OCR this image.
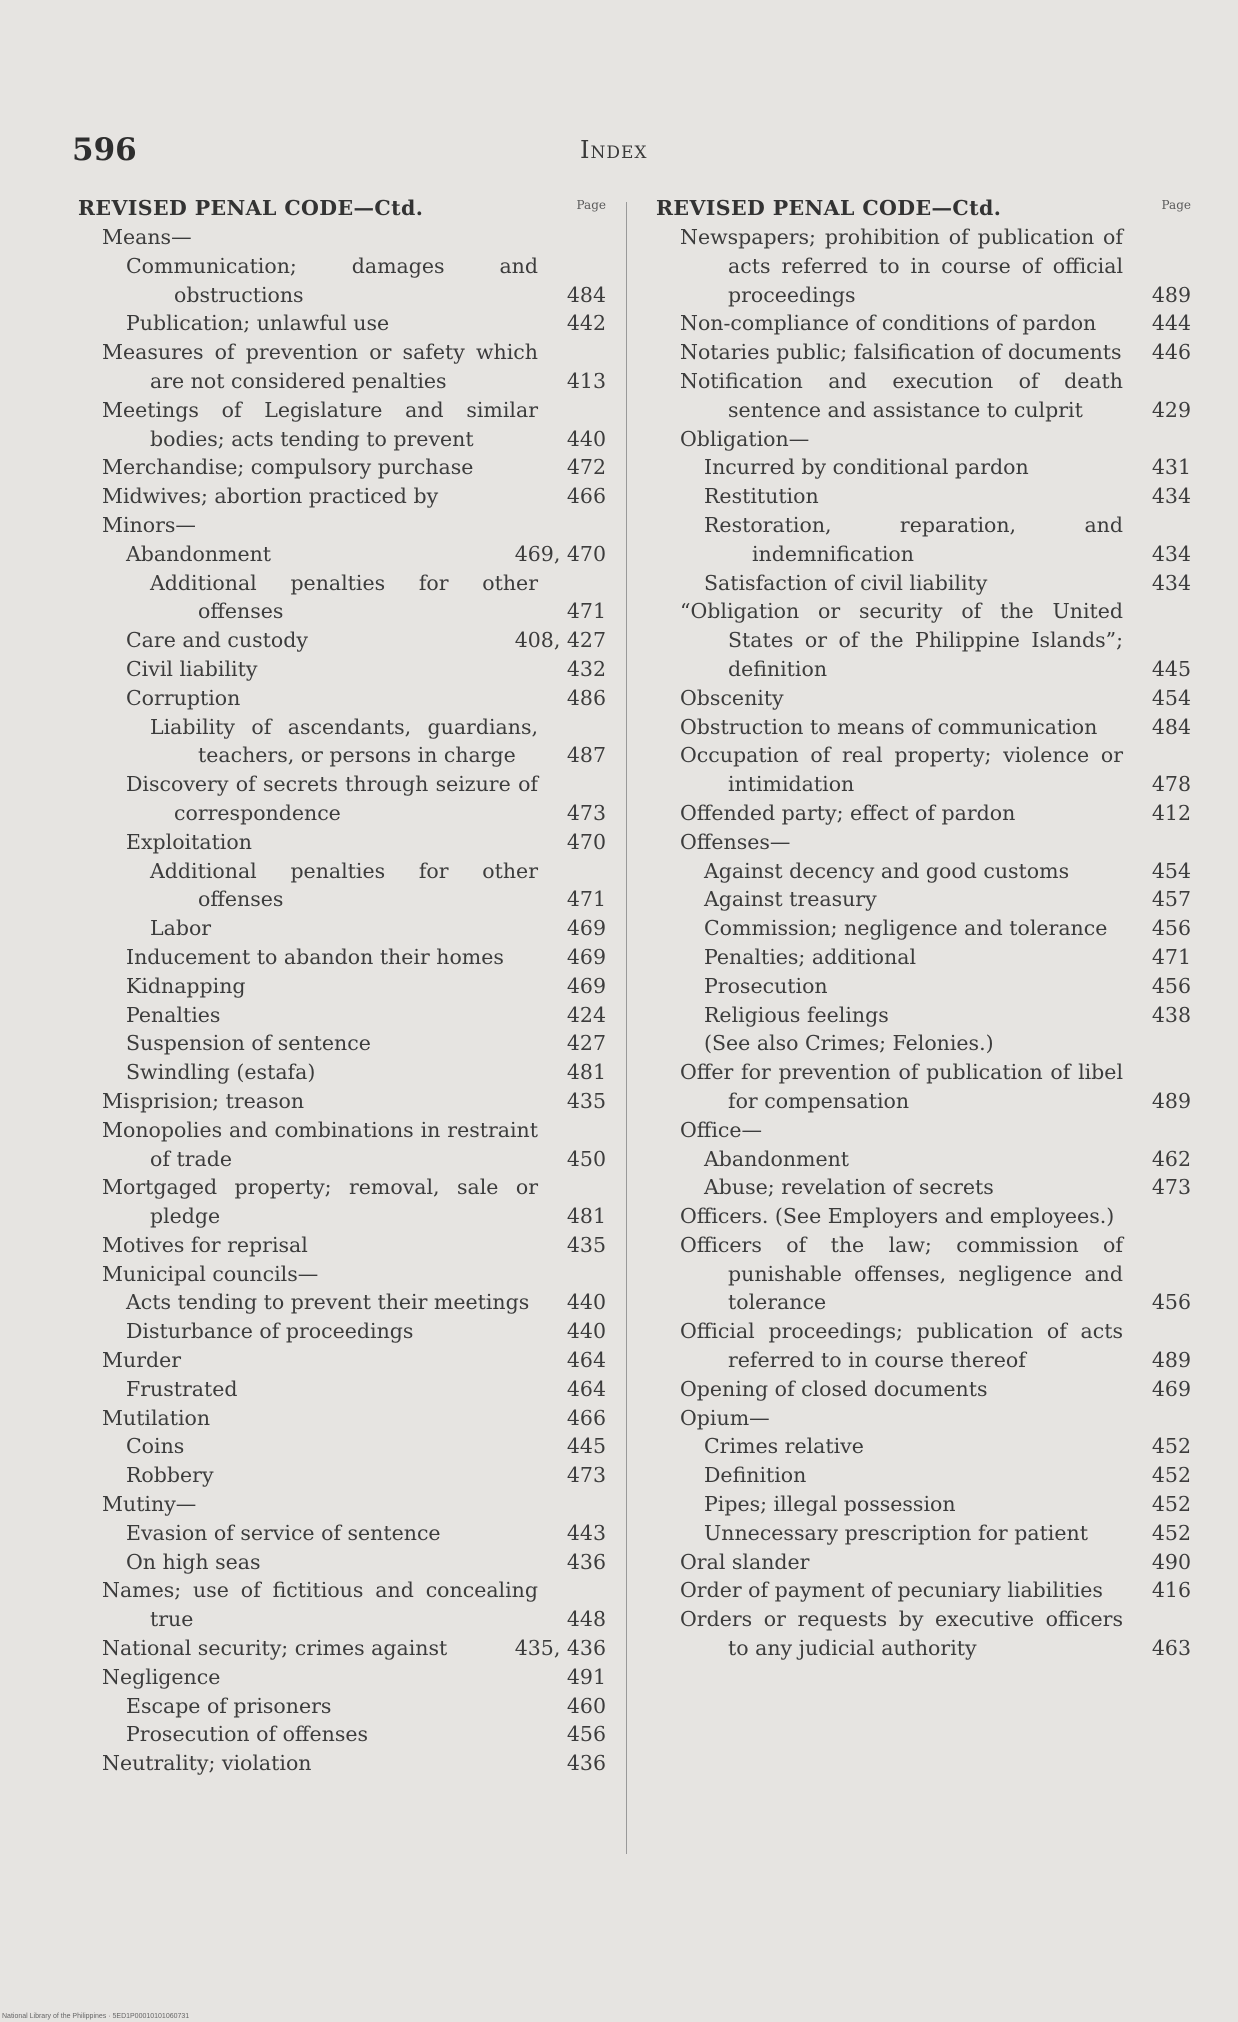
596	Index
REVISED PENAL CODE—Ctd.	Page
Means—
Communication; damages and obstructions	484
Publication; unlawful use	442
Measures of prevention or safety which are not considered penalties	413
Meetings of Legislature and similar bodies; acts tending to prevent	440
Merchandise; compulsory purchase	472
Midwives; abortion practiced by	466
Minors—
Abandonment	469, 470
Additional penalties for other offenses	471
Care and custody	408, 427
Civil liability	432
Corruption	486
Liability of ascendants, guardians, teachers, or persons in charge	487
Discovery of secrets through seizure of correspondence	473
Exploitation	470
Additional penalties for other offenses	471
Labor	469
Inducement to abandon their homes	469
Kidnapping	469
Penalties	424
Suspension of sentence	427
Swindling (estafa)	481
Misprision; treason	435
Monopolies and combinations in restraint of trade	450
Mortgaged property; removal, sale or pledge	481
Motives for reprisal	435
Municipal councils—
Acts tending to prevent their meetings	440
Disturbance of proceedings	440
Murder	464
Frustrated	464
Mutilation	466
Coins	445
Robbery	473
Mutiny—
Evasion of service of sentence	443
On high seas	436
Names; use of fictitious and concealing true	448
National security; crimes against	435, 436
Negligence	491
Escape of prisoners	460
Prosecution of offenses	456
Neutrality; violation	436
REVISED PENAL CODE—Ctd.	Page
Newspapers; prohibition of publication of acts referred to in course of official proceedings	489
Non-compliance of conditions of pardon	444
Notaries public; falsification of documents 446
Notification and execution of death sentence and assistance to culprit	429
Obligation—
Incurred by conditional pardon	431
Restitution	434
Restoration, reparation, and indemnification	434
Satisfaction of civil liability	434
“Obligation or security of the United States or of the Philippine Islands”; definition	445
Obscenity	454
Obstruction to means of communication	484
Occupation of real property; violence or intimidation	478
Offended party; effect of pardon	412
Offenses—
Against decency and good customs	454
Against treasury	457
Commission; negligence and tolerance	456
Penalties; additional	471
Prosecution	456
Religious feelings	438
(See also Crimes; Felonies.)
Offer for prevention of publication of libel for compensation	489
Office—
Abandonment	462
Abuse; revelation of secrets	473
Officers. (See Employers and employees.)
Officers of the law; commission of punishable offenses, negligence and tolerance	456
Official proceedings; publication of acts referred to in course thereof	489
Opening of closed documents	469
Opium—
Crimes relative	452
Definition	452
Pipes; illegal possession	452
Unnecessary prescription for patient	452
Oral slander	490
Order of payment of pecuniary liabilities	416
Orders or requests by executive officers to any judicial authority	463
National Library of the Philippines · 5ED1P00010101060731
